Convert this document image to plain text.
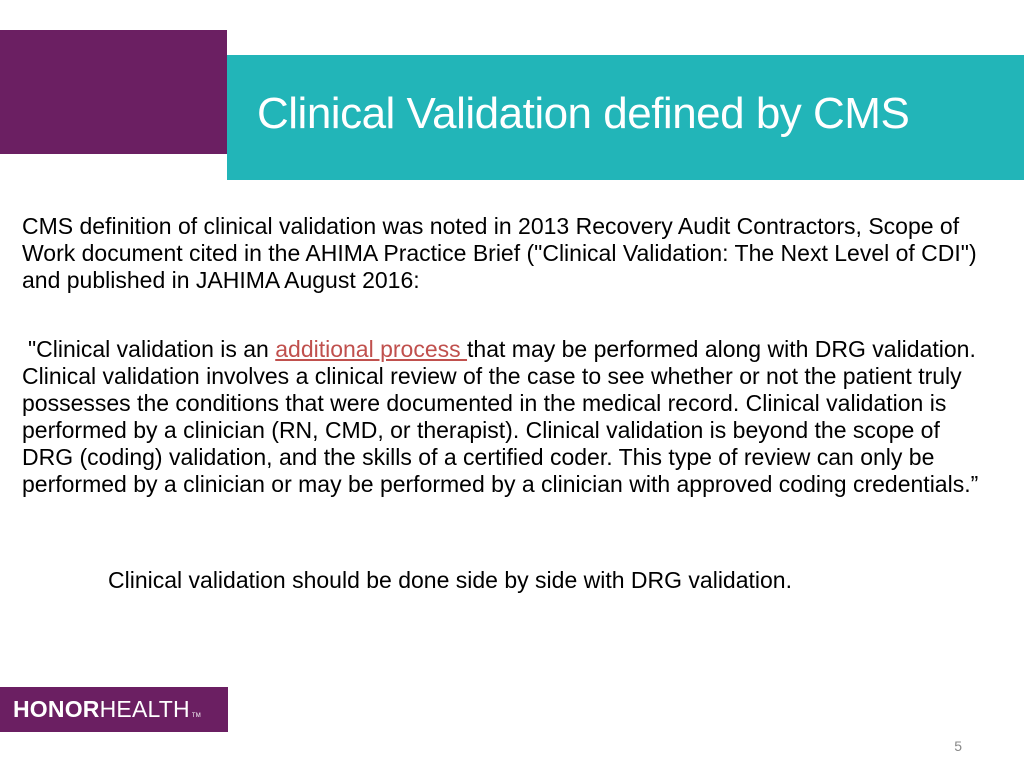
Clinical Validation defined by CMS

CMS definition of clinical validation was noted in 2013 Recovery Audit Contractors, Scope of Work document cited in the AHIMA Practice Brief ("Clinical Validation: The Next Level of CDI") and published in JAHIMA August 2016:

"Clinical validation is an additional process that may be performed along with DRG validation. Clinical validation involves a clinical review of the case to see whether or not the patient truly possesses the conditions that were documented in the medical record. Clinical validation is performed by a clinician (RN, CMD, or therapist). Clinical validation is beyond the scope of DRG (coding) validation, and the skills of a certified coder. This type of review can only be performed by a clinician or may be performed by a clinician with approved coding credentials.”

Clinical validation should be done side by side with DRG validation.

HONOR HEALTH TM
5
